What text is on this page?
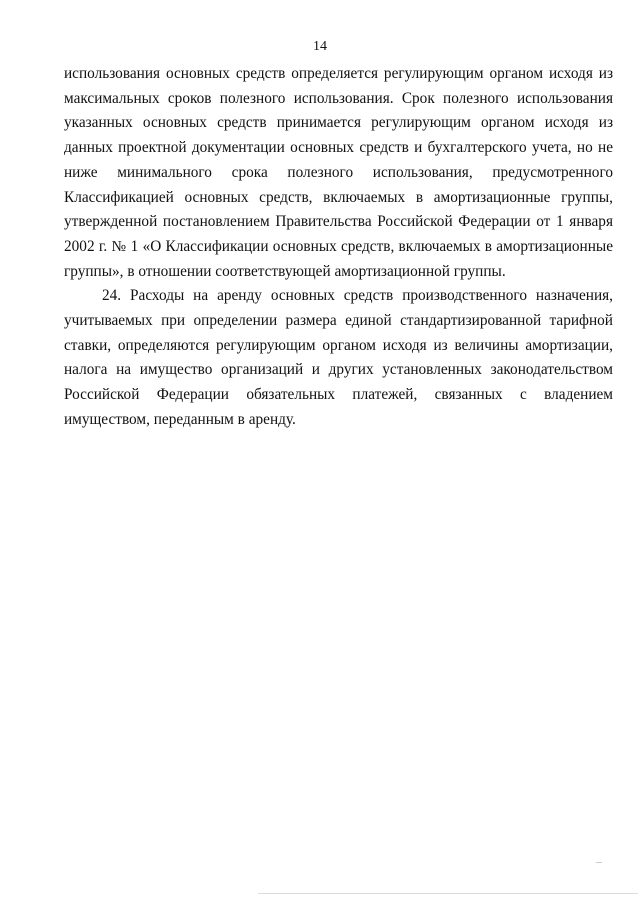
14

использования основных средств определяется регулирующим органом исходя из максимальных сроков полезного использования. Срок полезного использования указанных основных средств принимается регулирующим органом исходя из данных проектной документации основных средств и бухгалтерского учета, но не ниже минимального срока полезного использования, предусмотренного Классификацией основных средств, включаемых в амортизационные группы, утвержденной постановлением Правительства Российской Федерации от 1 января 2002 г. № 1 «О Классификации основных средств, включаемых в амортизационные группы», в отношении соответствующей амортизационной группы.

24. Расходы на аренду основных средств производственного назначения, учитываемых при определении размера единой стандартизированной тарифной ставки, определяются регулирующим органом исходя из величины амортизации, налога на имущество организаций и других установленных законодательством Российской Федерации обязательных платежей, связанных с владением имуществом, переданным в аренду.
